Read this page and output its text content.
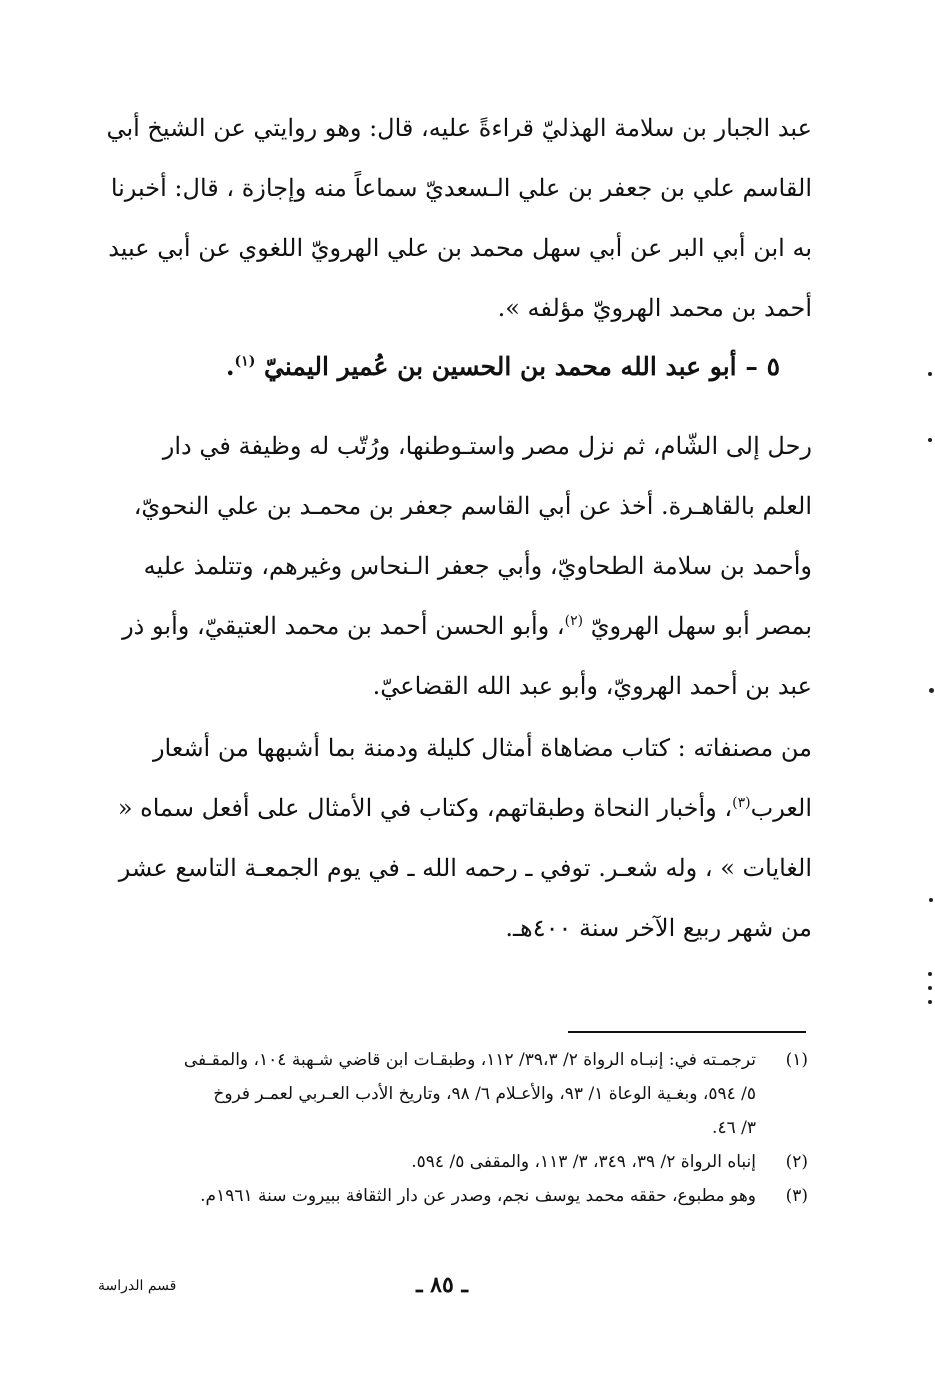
عبد الجبار بن سلامة الهذليّ قراءةً عليه، قال: وهو روايتي عن الشيخ أبي
القاسم علي بن جعفر بن علي الـسعديّ سماعاً منه وإجازة ، قال: أخبرنا
به ابن أبي البر عن أبي سهل محمد بن علي الهرويّ اللغوي عن أبي عبيد
أحمد بن محمد الهرويّ مؤلفه ».
٥ – أبو عبد الله محمد بن الحسين بن عُمير اليمنيّ $^{(١)}$.
رحل إلى الشّام، ثم نزل مصر واستـوطنها، ورُتّب له وظيفة في دار
العلم بالقاهـرة. أخذ عن أبي القاسم جعفر بن محمـد بن علي النحويّ،
وأحمد بن سلامة الطحاويّ، وأبي جعفر الـنحاس وغيرهم، وتتلمذ عليه
بمصر أبو سهل الهرويّ $^{(٢)}$، وأبو الحسن أحمد بن محمد العتيقيّ، وأبو ذر
عبد بن أحمد الهرويّ، وأبو عبد الله القضاعيّ.
من مصنفاته : كتاب مضاهاة أمثال كليلة ودمنة بما أشبهها من أشعار
العرب$^{(٣)}$، وأخبار النحاة وطبقاتهم، وكتاب في الأمثال على أفعل سماه «
الغايات » ، وله شعـر. توفي ـ رحمه الله ـ في يوم الجمعـة التاسع عشر
من شهر ربيع الآخر سنة ٤٠٠هـ.
(١)
ترجمـته في: إنبـاه الرواة ٢/ ٣٩،٣/ ١١٢، وطبقـات ابن قاضي شـهبة ١٠٤، والمقـفى
٥/ ٥٩٤، وبغـية الوعاة ١/ ٩٣، والأعـلام ٦/ ٩٨، وتاريخ الأدب العـربي لعمـر فروخ
٣/ ٤٦.
(٢)
إنباه الرواة ٢/ ٣٩، ٣٤٩، ٣/ ١١٣، والمقفى ٥/ ٥٩٤.
(٣)
وهو مطبوع، حققه محمد يوسف نجم، وصدر عن دار الثقافة ببيروت سنة ١٩٦١م.
قسم الدراسة	ـ ٨٥ ـ
